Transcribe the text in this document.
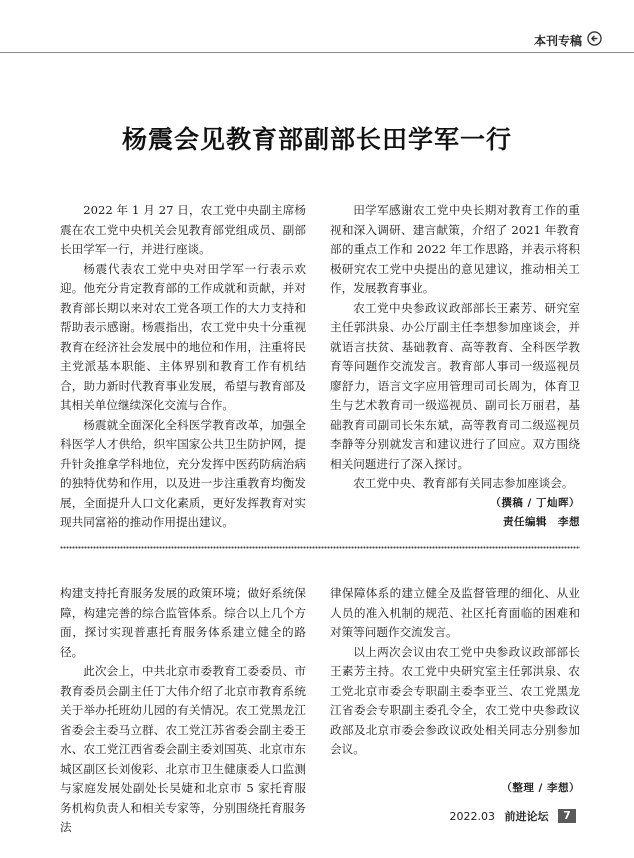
本刊专稿
杨震会见教育部副部长田学军一行

2022 年 1 月 27 日，农工党中央副主席杨震在农工党中央机关会见教育部党组成员、副部长田学军一行，并进行座谈。

杨震代表农工党中央对田学军一行表示欢迎。他充分肯定教育部的工作成就和贡献，并对教育部长期以来对农工党各项工作的大力支持和帮助表示感谢。杨震指出，农工党中央十分重视教育在经济社会发展中的地位和作用，注重将民主党派基本职能、主体界别和教育工作有机结合，助力新时代教育事业发展，希望与教育部及其相关单位继续深化交流与合作。

杨震就全面深化全科医学教育改革，加强全科医学人才供给，织牢国家公共卫生防护网，提升针灸推拿学科地位，充分发挥中医药防病治病的独特优势和作用，以及进一步注重教育均衡发展，全面提升人口文化素质，更好发挥教育对实现共同富裕的推动作用提出建议。

田学军感谢农工党中央长期对教育工作的重视和深入调研、建言献策，介绍了 2021 年教育部的重点工作和 2022 年工作思路，并表示将积极研究农工党中央提出的意见建议，推动相关工作，发展教育事业。

农工党中央参政议政部部长王素芳、研究室主任郭洪泉、办公厅副主任李想参加座谈会，并就语言扶贫、基础教育、高等教育、全科医学教育等问题作交流发言。教育部人事司一级巡视员廖舒力，语言文字应用管理司司长周为，体育卫生与艺术教育司一级巡视员、副司长万丽君，基础教育司副司长朱东斌，高等教育司二级巡视员李静等分别就发言和建议进行了回应。双方围绕相关问题进行了深入探讨。

农工党中央、教育部有关同志参加座谈会。

（撰稿 / 丁灿晖）
责任编辑　李想

构建支持托育服务发展的政策环境；做好系统保障，构建完善的综合监管体系。综合以上几个方面，探讨实现普惠托育服务体系建立健全的路径。

此次会上，中共北京市委教育工委委员、市教育委员会副主任丁大伟介绍了北京市教育系统关于举办托班幼儿园的有关情况。农工党黑龙江省委会主委马立群、农工党江苏省委会副主委王水、农工党江西省委会副主委刘国英、北京市东城区副区长刘俊彩、北京市卫生健康委人口监测与家庭发展处副处长吴婕和北京市 5 家托育服务机构负责人和相关专家等，分别围绕托育服务法

律保障体系的建立健全及监督管理的细化、从业人员的准入机制的规范、社区托育面临的困难和对策等问题作交流发言。

以上两次会议由农工党中央参政议政部部长王素芳主持。农工党中央研究室主任郭洪泉、农工党北京市委会专职副主委李亚兰、农工党黑龙江省委会专职副主委孔令全，农工党中央参政议政部及北京市委会参政议政处相关同志分别参加会议。

（整理 / 李想）
2022.03 前进论坛 7
